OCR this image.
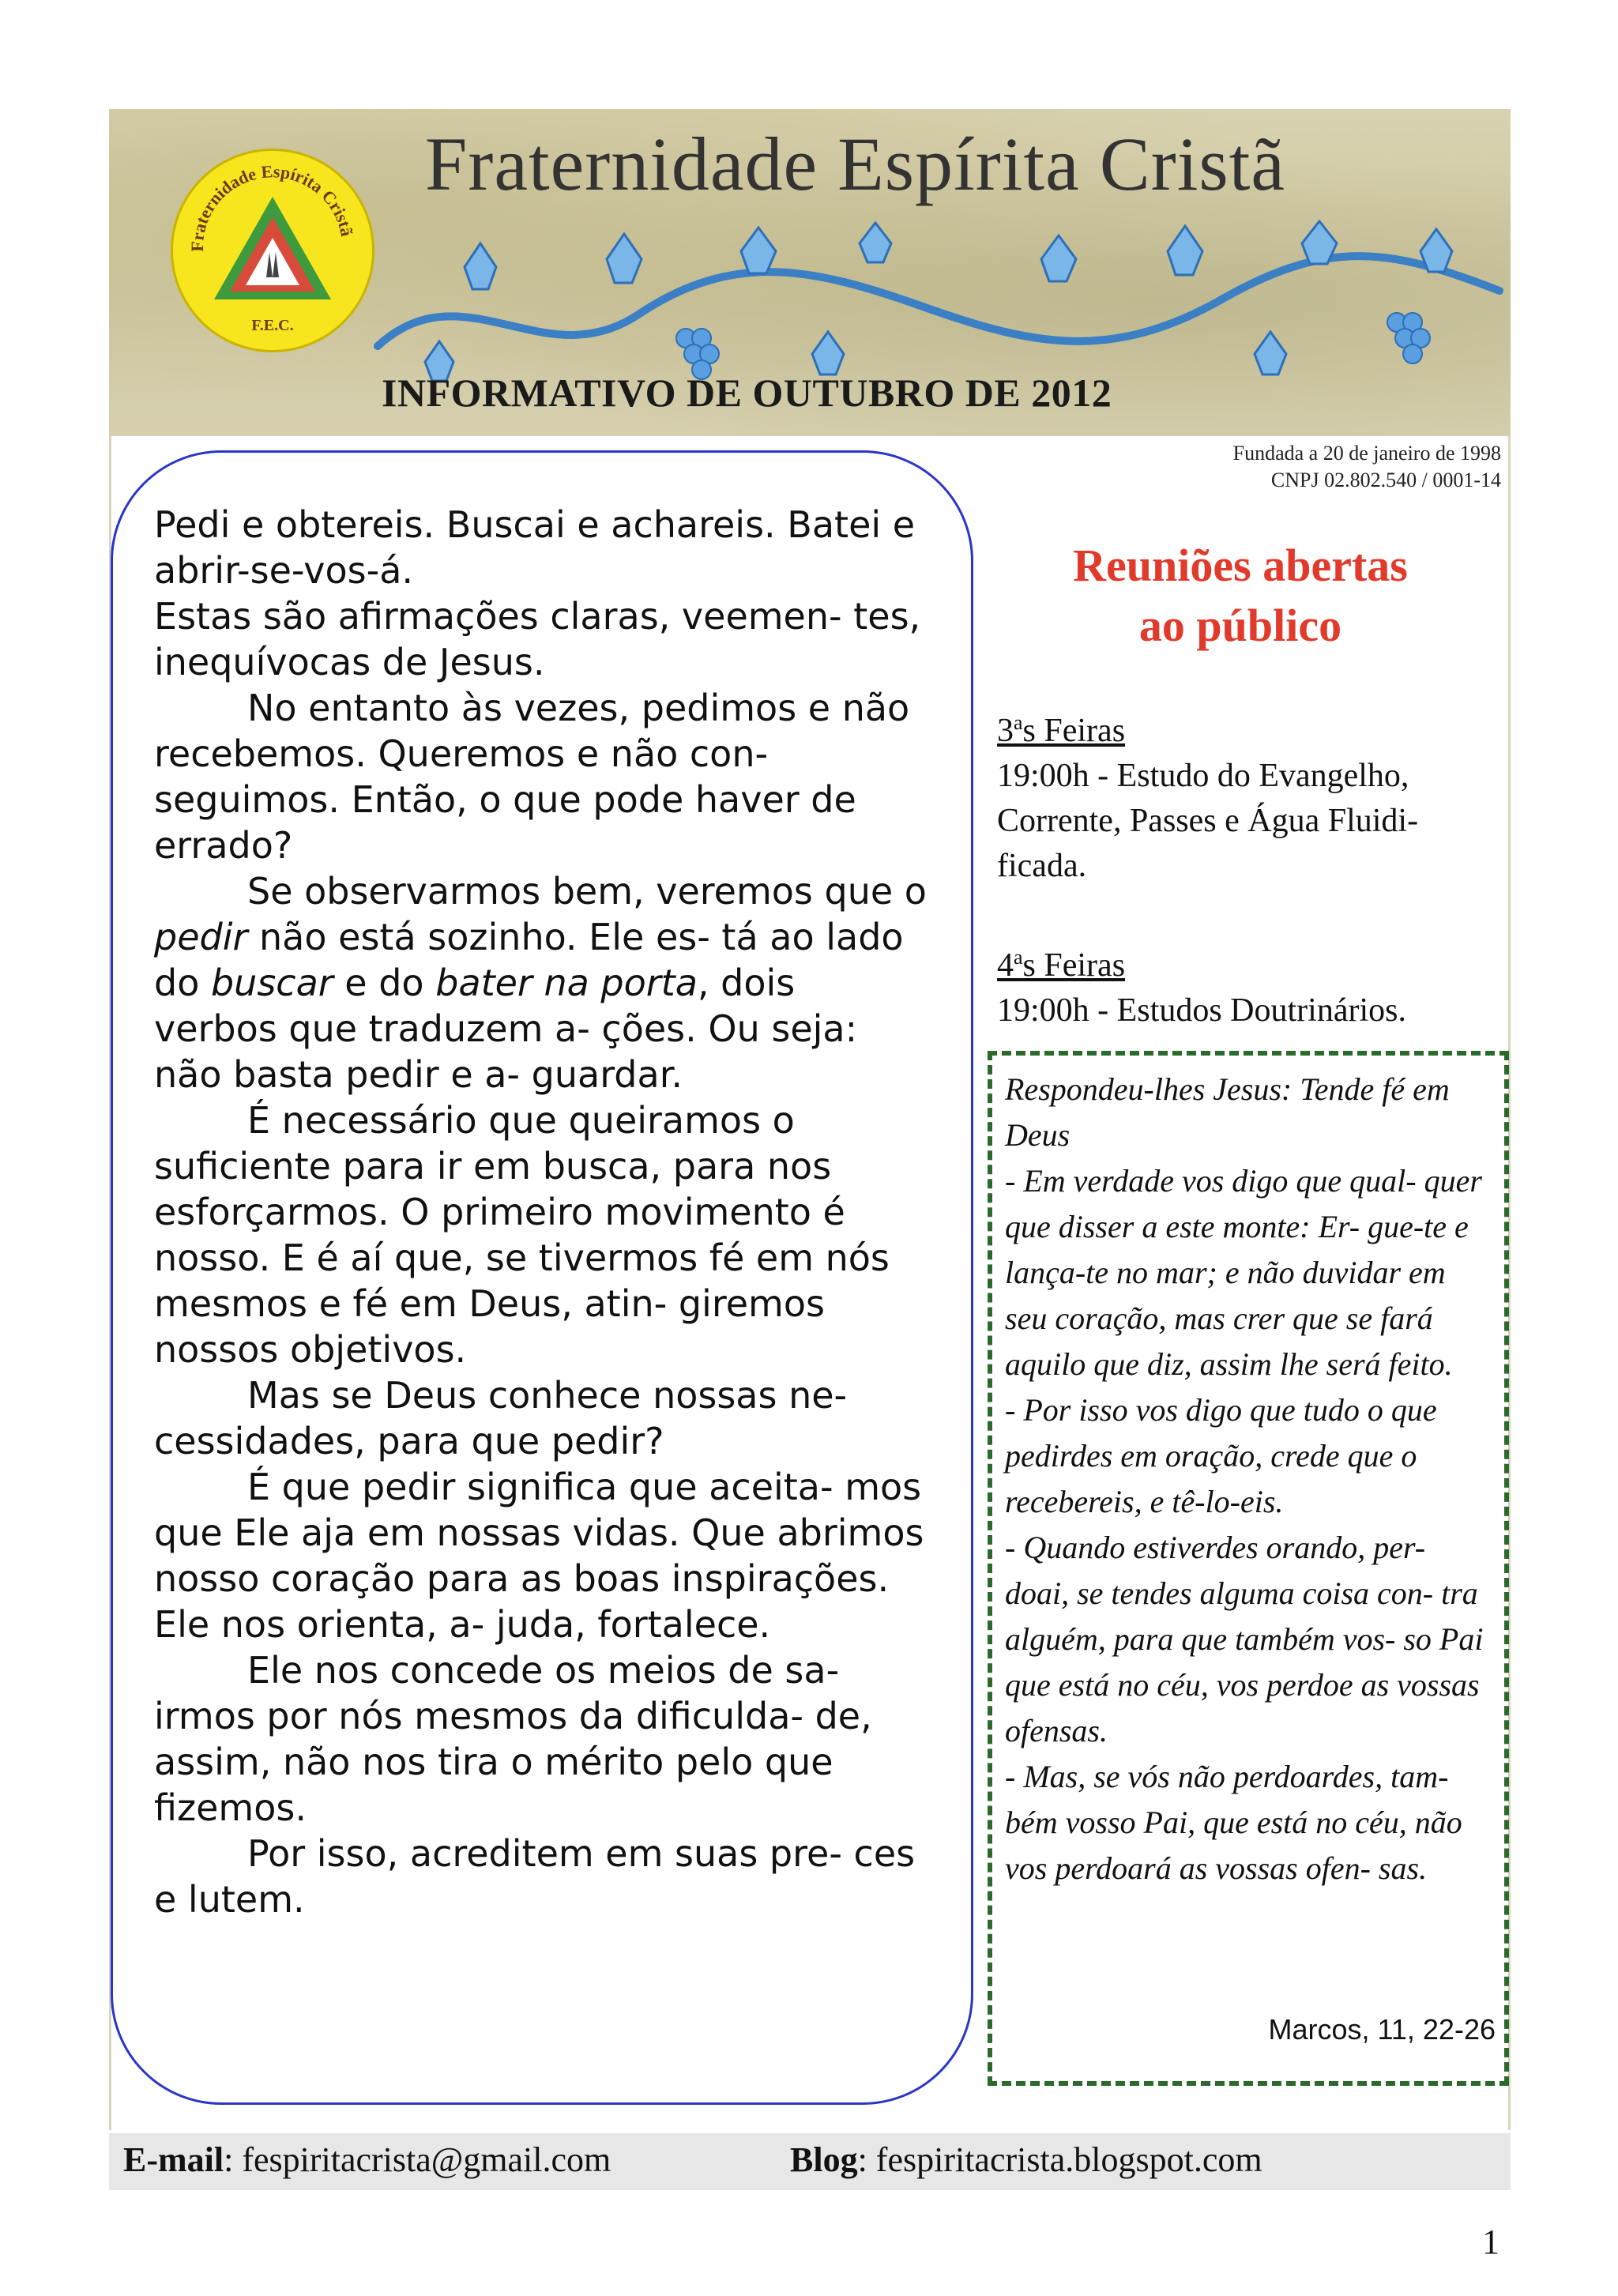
Fraternidade Espírita Cristã
F.E.C.
Fraternidade Espírita Cristã
INFORMATIVO DE OUTUBRO DE 2012
Fundada a 20 de janeiro de 1998
CNPJ 02.802.540 / 0001-14

Pedi e obtereis. Buscai e achareis. Batei e abrir-se-vos-á.

Estas são afirmações claras, veemen- tes, inequívocas de Jesus.

No entanto às vezes, pedimos e não recebemos. Queremos e não con- seguimos. Então, o que pode haver de errado?

Se observarmos bem, veremos que o pedir não está sozinho. Ele es- tá ao lado do buscar e do bater na porta, dois verbos que traduzem a- ções. Ou seja: não basta pedir e a- guardar.

É necessário que queiramos o suficiente para ir em busca, para nos esforçarmos. O primeiro movimento é nosso. E é aí que, se tivermos fé em nós mesmos e fé em Deus, atin- giremos nossos objetivos.

Mas se Deus conhece nossas ne- cessidades, para que pedir?

É que pedir significa que aceita- mos que Ele aja em nossas vidas. Que abrimos nosso coração para as boas inspirações. Ele nos orienta, a- juda, fortalece.

Ele nos concede os meios de sa- irmos por nós mesmos da dificulda- de, assim, não nos tira o mérito pelo que fizemos.

Por isso, acreditem em suas pre- ces e lutem.

Reuniões abertas
ao público
3$^a$s Feiras
19:00h - Estudo do Evangelho, Corrente, Passes e Água Fluidi- ficada.
4$^a$s Feiras
19:00h - Estudos Doutrinários.
Respondeu-lhes Jesus: Tende fé em Deus
- Em verdade vos digo que qual- quer que disser a este monte: Er- gue-te e lança-te no mar; e não duvidar em seu coração, mas crer que se fará aquilo que diz, assim lhe será feito.
- Por isso vos digo que tudo o que pedirdes em oração, crede que o recebereis, e tê-lo-eis.
- Quando estiverdes orando, per- doai, se tendes alguma coisa con- tra alguém, para que também vos- so Pai que está no céu, vos perdoe as vossas ofensas.
- Mas, se vós não perdoardes, tam- bém vosso Pai, que está no céu, não vos perdoará as vossas ofen- sas.
Marcos, 11, 22-26
E-mail: fespiritacrista@gmail.com	Blog: fespiritacrista.blogspot.com
1
